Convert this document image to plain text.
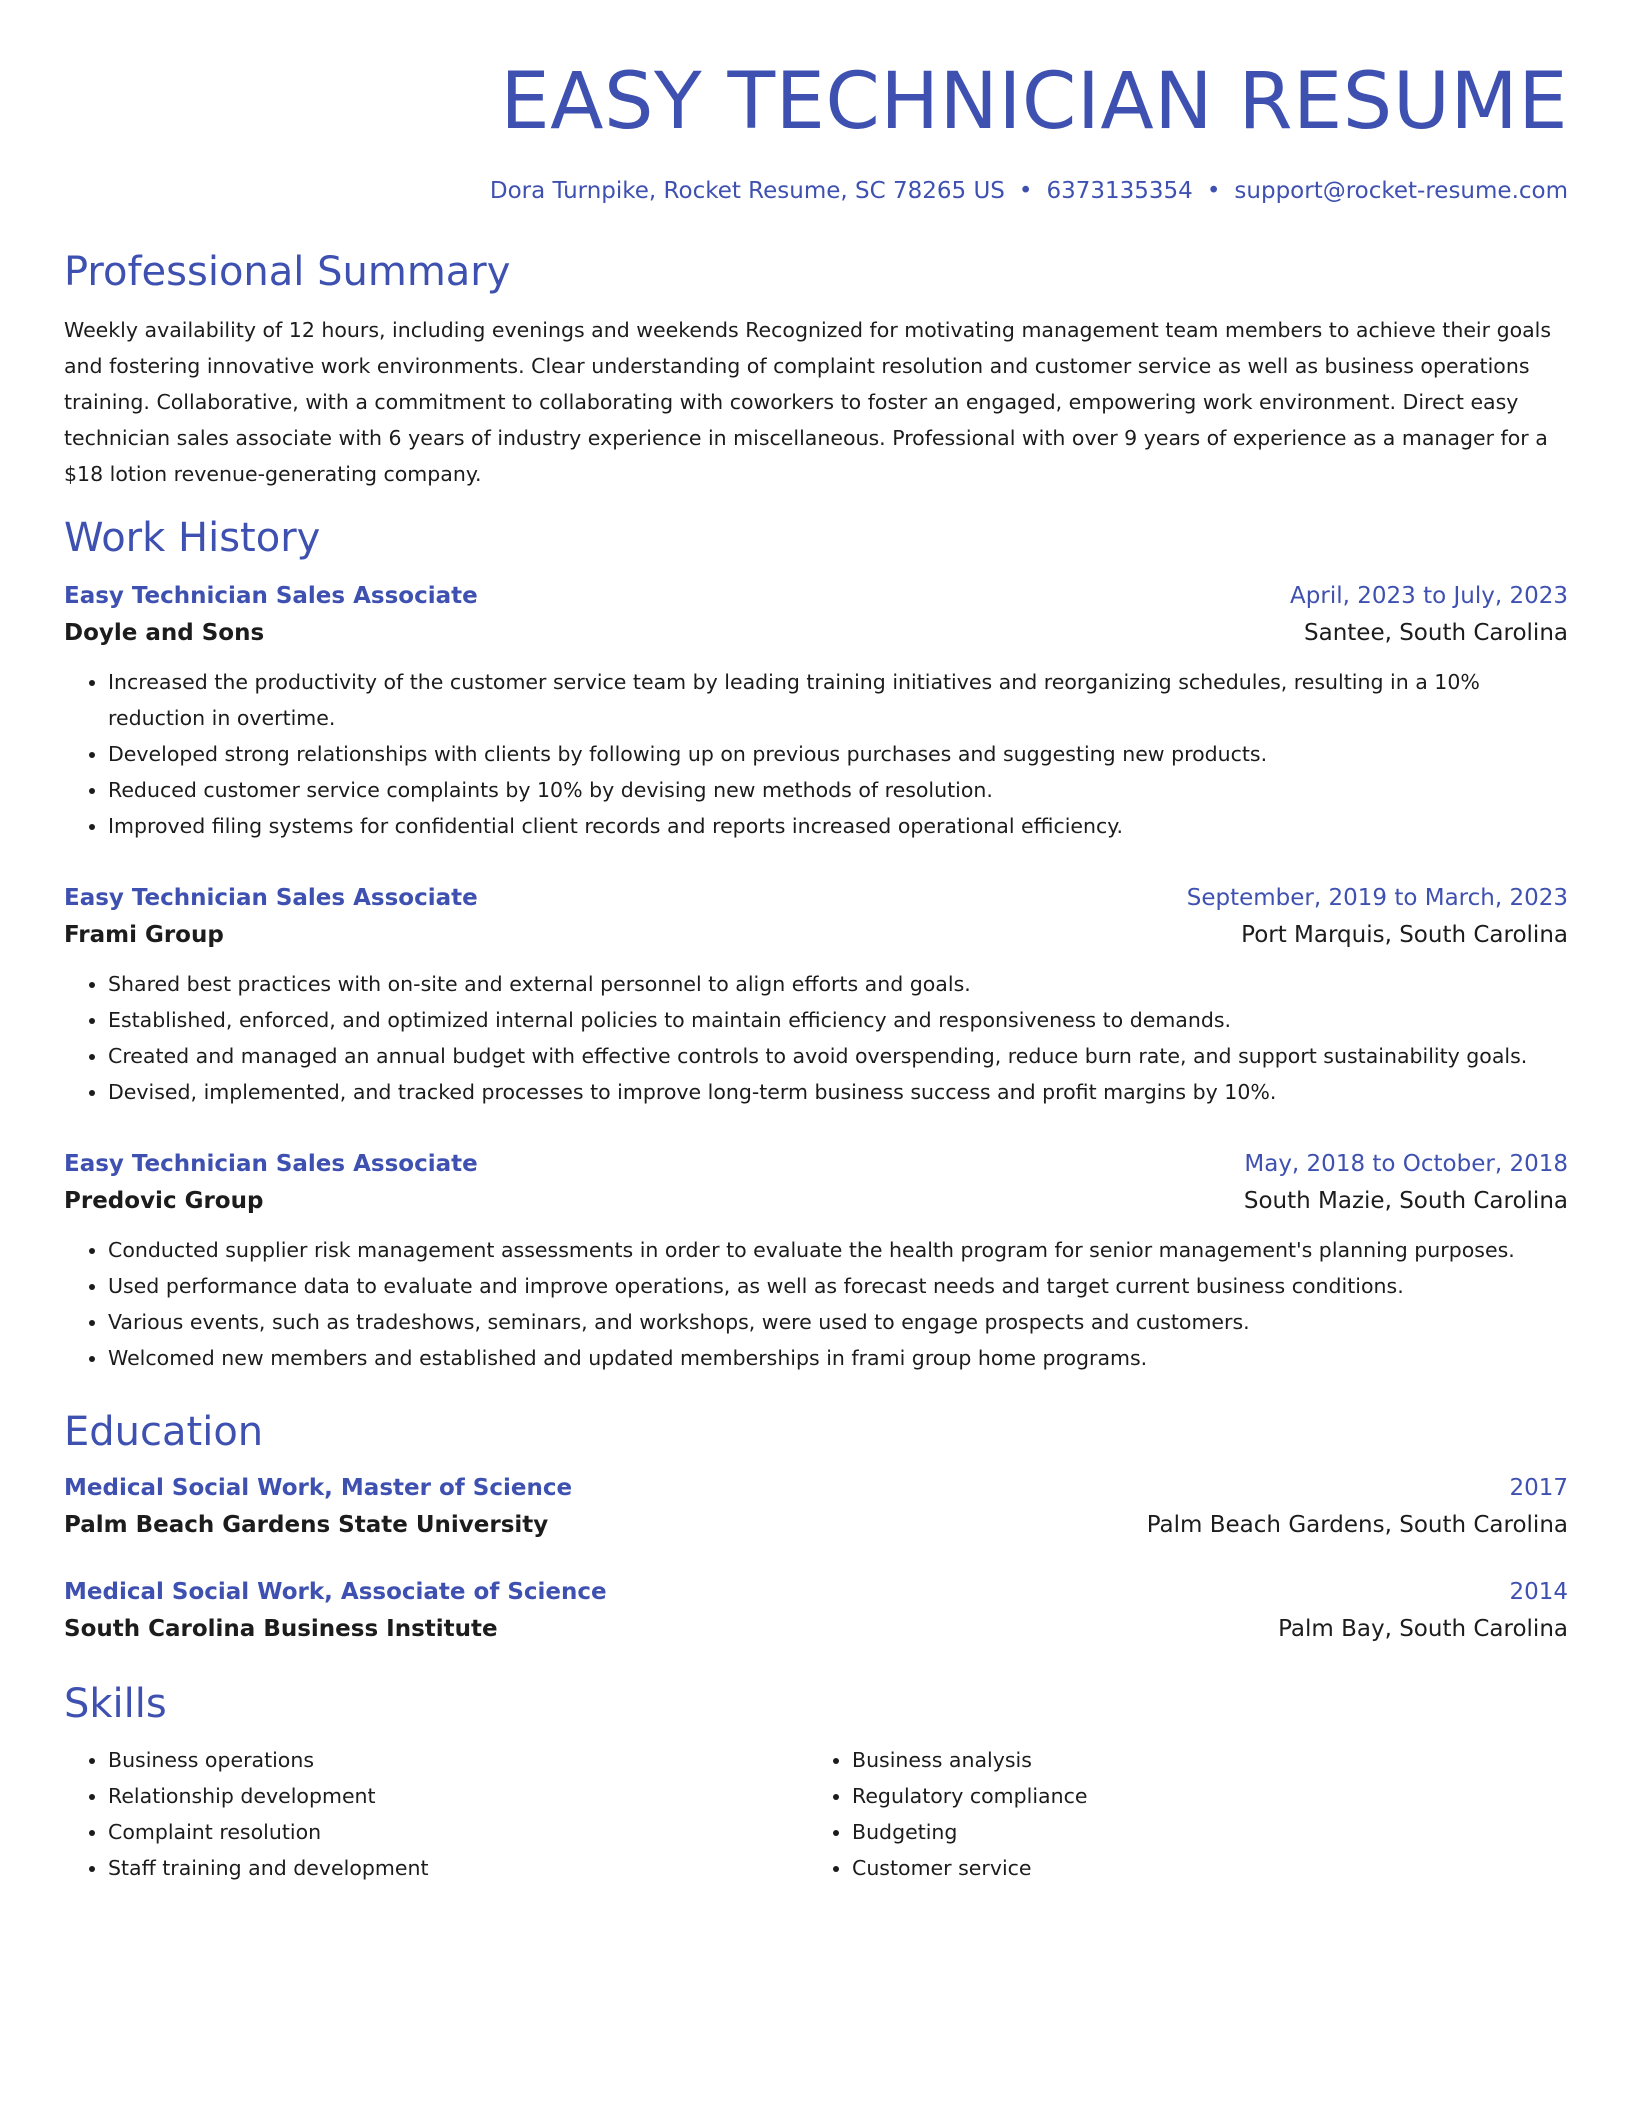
EASY TECHNICIAN RESUME
Dora Turnpike, Rocket Resume, SC 78265 US • 6373135354 • support@rocket-resume.com
Professional Summary
Weekly availability of 12 hours, including evenings and weekends Recognized for motivating management team members to achieve their goals and fostering innovative work environments. Clear understanding of complaint resolution and customer service as well as business operations training. Collaborative, with a commitment to collaborating with coworkers to foster an engaged, empowering work environment. Direct easy technician sales associate with 6 years of industry experience in miscellaneous. Professional with over 9 years of experience as a manager for a $18 lotion revenue-generating company.
Work History
Easy Technician Sales Associate	April, 2023 to July, 2023
Doyle and Sons	Santee, South Carolina
• Increased the productivity of the customer service team by leading training initiatives and reorganizing schedules, resulting in a 10% reduction in overtime.
• Developed strong relationships with clients by following up on previous purchases and suggesting new products.
• Reduced customer service complaints by 10% by devising new methods of resolution.
• Improved filing systems for confidential client records and reports increased operational efficiency.
Easy Technician Sales Associate	September, 2019 to March, 2023
Frami Group	Port Marquis, South Carolina
• Shared best practices with on-site and external personnel to align efforts and goals.
• Established, enforced, and optimized internal policies to maintain efficiency and responsiveness to demands.
• Created and managed an annual budget with effective controls to avoid overspending, reduce burn rate, and support sustainability goals.
• Devised, implemented, and tracked processes to improve long-term business success and profit margins by 10%.
Easy Technician Sales Associate	May, 2018 to October, 2018
Predovic Group	South Mazie, South Carolina
• Conducted supplier risk management assessments in order to evaluate the health program for senior management's planning purposes.
• Used performance data to evaluate and improve operations, as well as forecast needs and target current business conditions.
• Various events, such as tradeshows, seminars, and workshops, were used to engage prospects and customers.
• Welcomed new members and established and updated memberships in frami group home programs.
Education
Medical Social Work, Master of Science	2017
Palm Beach Gardens State University	Palm Beach Gardens, South Carolina
Medical Social Work, Associate of Science	2014
South Carolina Business Institute	Palm Bay, South Carolina
Skills
• Business operations
• Relationship development
• Complaint resolution
• Staff training and development
• Business analysis
• Regulatory compliance
• Budgeting
• Customer service
